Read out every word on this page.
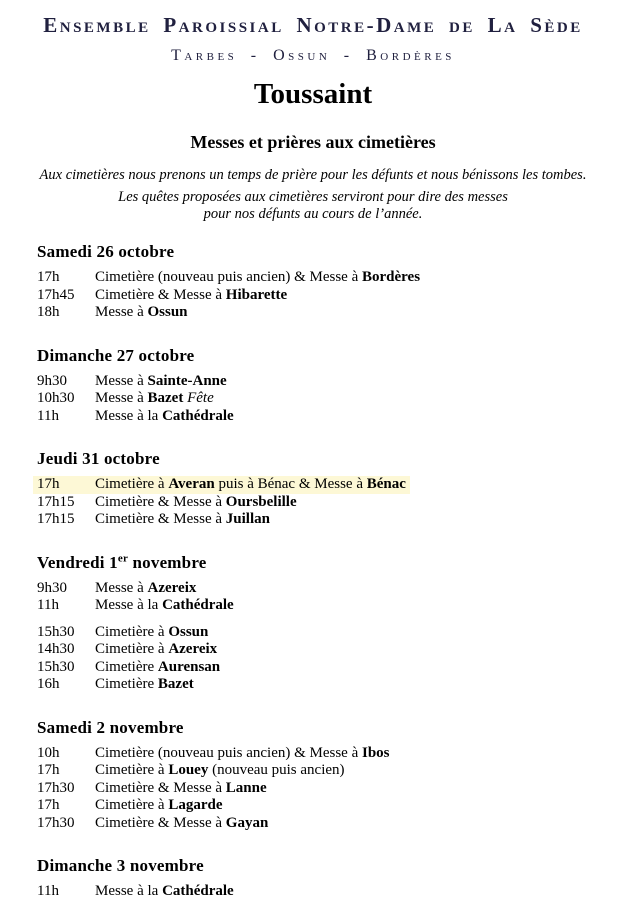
Ensemble Paroissial Notre-Dame de La Sède
Tarbes - Ossun - Bordères
Toussaint
Messes et prières aux cimetières
Aux cimetières nous prenons un temps de prière pour les défunts et nous bénissons les tombes.
Les quêtes proposées aux cimetières serviront pour dire des messes
pour nos défunts au cours de l’année.
Samedi 26 octobre
17h	Cimetière (nouveau puis ancien) & Messe à Bordères
17h45	Cimetière & Messe à Hibarette
18h	Messe à Ossun
Dimanche 27 octobre
9h30	Messe à Sainte-Anne
10h30	Messe à Bazet Fête
11h	Messe à la Cathédrale
Jeudi 31 octobre
17h	Cimetière à Averan puis à Bénac & Messe à Bénac
17h15	Cimetière & Messe à Oursbelille
17h15	Cimetière & Messe à Juillan
Vendredi 1er novembre
9h30	Messe à Azereix
11h	Messe à la Cathédrale
15h30	Cimetière à Ossun
14h30	Cimetière à Azereix
15h30	Cimetière Aurensan
16h	Cimetière Bazet
Samedi 2 novembre
10h	Cimetière (nouveau puis ancien) & Messe à Ibos
17h	Cimetière à Louey (nouveau puis ancien)
17h30	Cimetière & Messe à Lanne
17h	Cimetière à Lagarde
17h30	Cimetière & Messe à Gayan
Dimanche 3 novembre
11h	Messe à la Cathédrale
